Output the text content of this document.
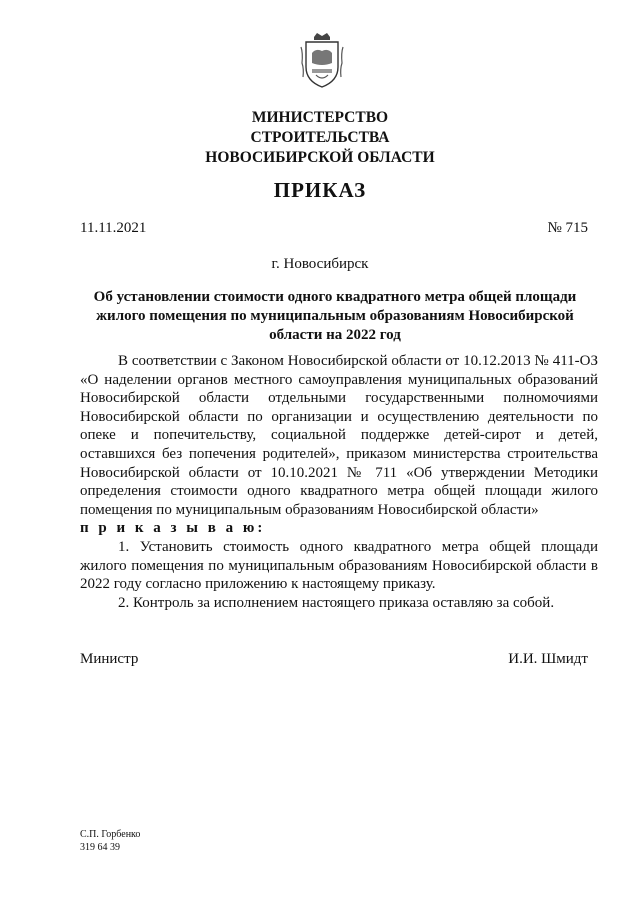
МИНИСТЕРСТВО
СТРОИТЕЛЬСТВА
НОВОСИБИРСКОЙ ОБЛАСТИ
ПРИКАЗ
11.11.2021	№ 715
г. Новосибирск
Об установлении стоимости одного квадратного метра общей площади жилого помещения по муниципальным образованиям Новосибирской области на 2022 год

В соответствии с Законом Новосибирской области от 10.12.2013 № 411-ОЗ «О наделении органов местного самоуправления муниципальных образований Новосибирской области отдельными государственными полномочиями Новосибирской области по организации и осуществлению деятельности по опеке и попечительству, социальной поддержке детей-сирот и детей, оставшихся без попечения родителей», приказом министерства строительства Новосибирской области от 10.10.2021 № 711 «Об утверждении Методики определения стоимости одного квадратного метра общей площади жилого помещения по муниципальным образованиям Новосибирской области»

п р и к а з ы в а ю:

1. Установить стоимость одного квадратного метра общей площади жилого помещения по муниципальным образованиям Новосибирской области в 2022 году согласно приложению к настоящему приказу.

2. Контроль за исполнением настоящего приказа оставляю за собой.

Министр	И.И. Шмидт
С.П. Горбенко
319 64 39
